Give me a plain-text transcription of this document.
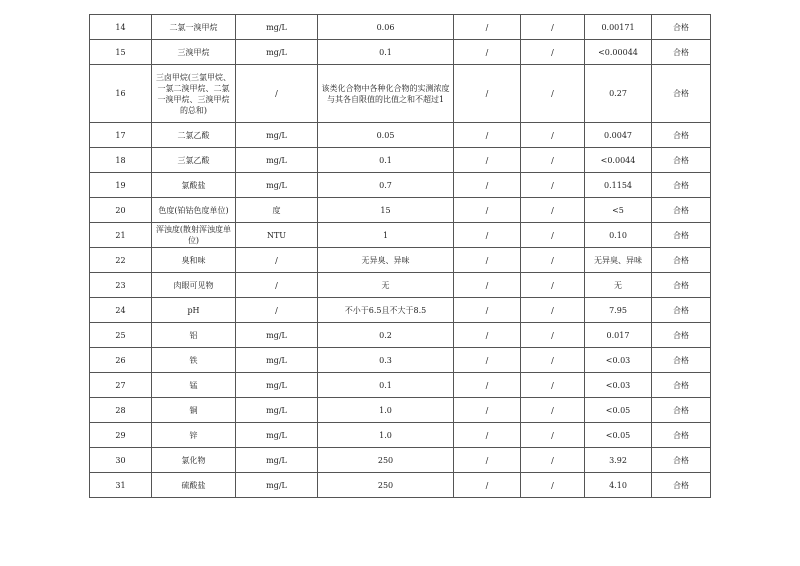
14	二氯一溴甲烷	mg/L	0.06	/	/	0.00171	合格
15	三溴甲烷	mg/L	0.1	/	/	<0.00044	合格
16	三卤甲烷(三氯甲烷、一氯二溴甲烷、二氯一溴甲烷、三溴甲烷的总和)	/	该类化合物中各种化合物的实测浓度与其各自限值的比值之和不超过1	/	/	0.27	合格
17	二氯乙酸	mg/L	0.05	/	/	0.0047	合格
18	三氯乙酸	mg/L	0.1	/	/	<0.0044	合格
19	氯酸盐	mg/L	0.7	/	/	0.1154	合格
20	色度(铂钴色度单位)	度	15	/	/	<5	合格
21	浑浊度(散射浑浊度单位)	NTU	1	/	/	0.10	合格
22	臭和味	/	无异臭、异味	/	/	无异臭、异味	合格
23	肉眼可见物	/	无	/	/	无	合格
24	pH	/	不小于6.5且不大于8.5	/	/	7.95	合格
25	铝	mg/L	0.2	/	/	0.017	合格
26	铁	mg/L	0.3	/	/	<0.03	合格
27	锰	mg/L	0.1	/	/	<0.03	合格
28	铜	mg/L	1.0	/	/	<0.05	合格
29	锌	mg/L	1.0	/	/	<0.05	合格
30	氯化物	mg/L	250	/	/	3.92	合格
31	硫酸盐	mg/L	250	/	/	4.10	合格
